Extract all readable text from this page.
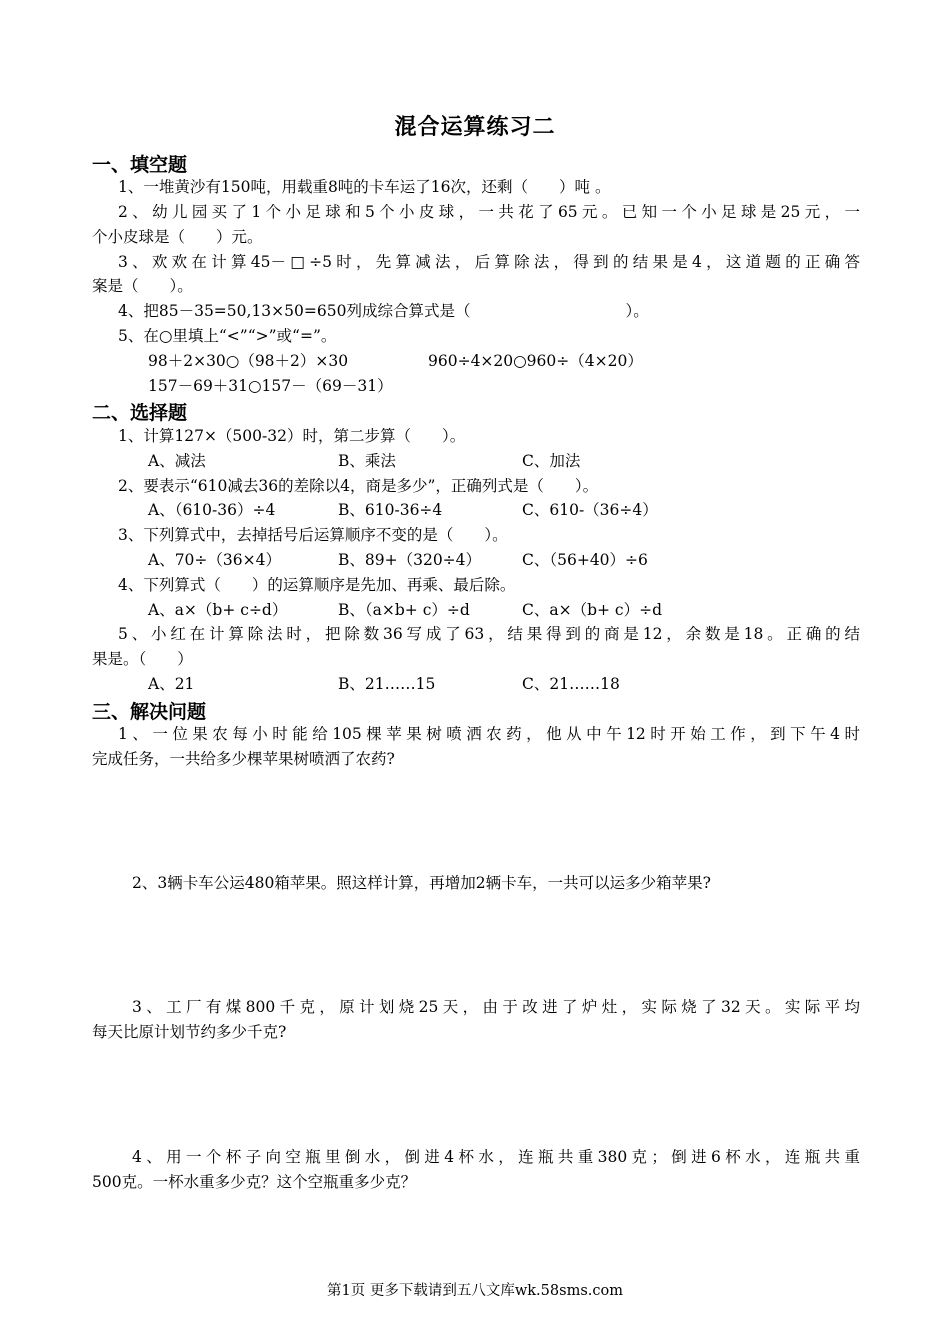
混合运算练习二
一、填空题
1、一堆黄沙有150吨，用载重8吨的卡车运了16次，还剩（　　）吨 。
2、幼儿园买了1个小足球和5个小皮球，一共花了65元。已知一个小足球是25元，一
个小皮球是（　　）元。
3、欢欢在计算45－□÷5时，先算减法，后算除法，得到的结果是4，这道题的正确答
案是（　　）。
4、把85－35=50,13×50=650列成综合算式是（　　　　　　　　　　）。
5、在○里填上“<”“>”或“=”。
98＋2×30○（98＋2）×30	960÷4×20○960÷（4×20）
157－69＋31○157－（69－31）
二、选择题
1、计算127×（500-32）时，第二步算（　　）。
A、减法	B、乘法	C、加法
2、要表示“610减去36的差除以4，商是多少”，正确列式是（　　）。
A、（610-36）÷4	B、610-36÷4	C、610-（36÷4）
3、下列算式中，去掉括号后运算顺序不变的是（　　）。
A、70÷（36×4）	B、89+（320÷4）	C、（56+40）÷6
4、下列算式（　　）的运算顺序是先加、再乘、最后除。
A、a×（b+ c÷d）	B、（a×b+ c）÷d	C、a×（b+ c）÷d
5、小红在计算除法时，把除数36写成了63，结果得到的商是12，余数是18。正确的结
果是。（　　）
A、21	B、21……15	C、21……18
三、解决问题
1、一位果农每小时能给105棵苹果树喷洒农药，他从中午12时开始工作，到下午4时
完成任务，一共给多少棵苹果树喷洒了农药?
2、3辆卡车公运480箱苹果。照这样计算，再增加2辆卡车，一共可以运多少箱苹果?
3、工厂有煤800千克，原计划烧25天，由于改进了炉灶，实际烧了32天。实际平均
每天比原计划节约多少千克?
4、用一个杯子向空瓶里倒水，倒进4杯水，连瓶共重380克；倒进6杯水，连瓶共重
500克。一杯水重多少克？这个空瓶重多少克？
第1页 更多下载请到五八文库wk.58sms.com
